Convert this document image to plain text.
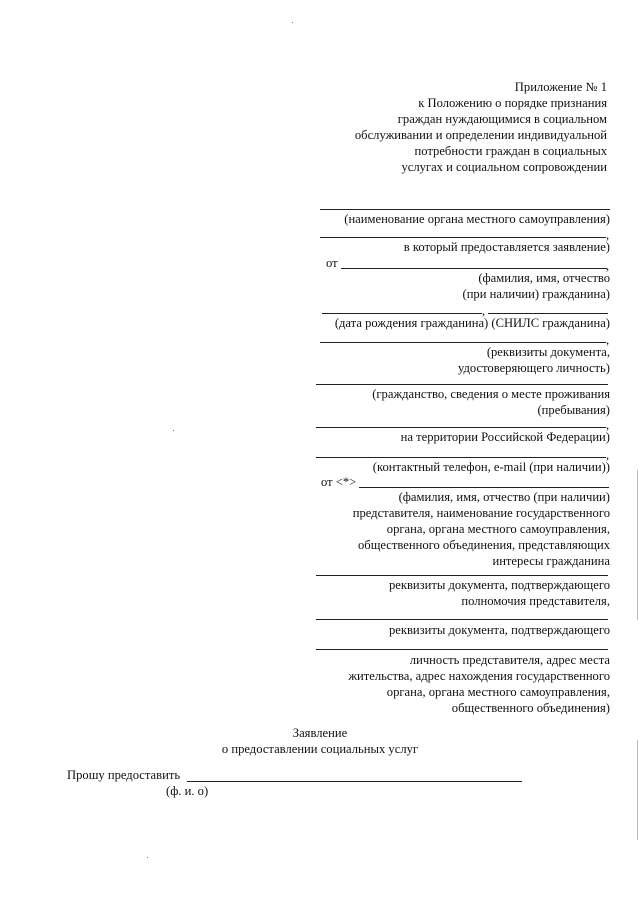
Приложение № 1
к Положению о порядке признания
граждан нуждающимися в социальном
обслуживании и определении индивидуальной
потребности граждан в социальных
услугах и социальном сопровождении
(наименование органа местного самоуправления)
,
в который предоставляется заявление)
от	,
(фамилия, имя, отчество
(при наличии) гражданина)
,
(дата рождения гражданина) (СНИЛС гражданина)
,
(реквизиты документа,
удостоверяющего личность)
(гражданство, сведения о месте проживания
(пребывания)
,
на территории Российской Федерации)
,
(контактный телефон, e-mail (при наличии))
от <*>
(фамилия, имя, отчество (при наличии)
представителя, наименование государственного
органа, органа местного самоуправления,
общественного объединения, представляющих
интересы гражданина
реквизиты документа, подтверждающего
полномочия представителя,
реквизиты документа, подтверждающего
личность представителя, адрес места
жительства, адрес нахождения государственного
органа, органа местного самоуправления,
общественного объединения)
Заявление
о предоставлении социальных услуг
Прошу предоставить
(ф. и. о)
